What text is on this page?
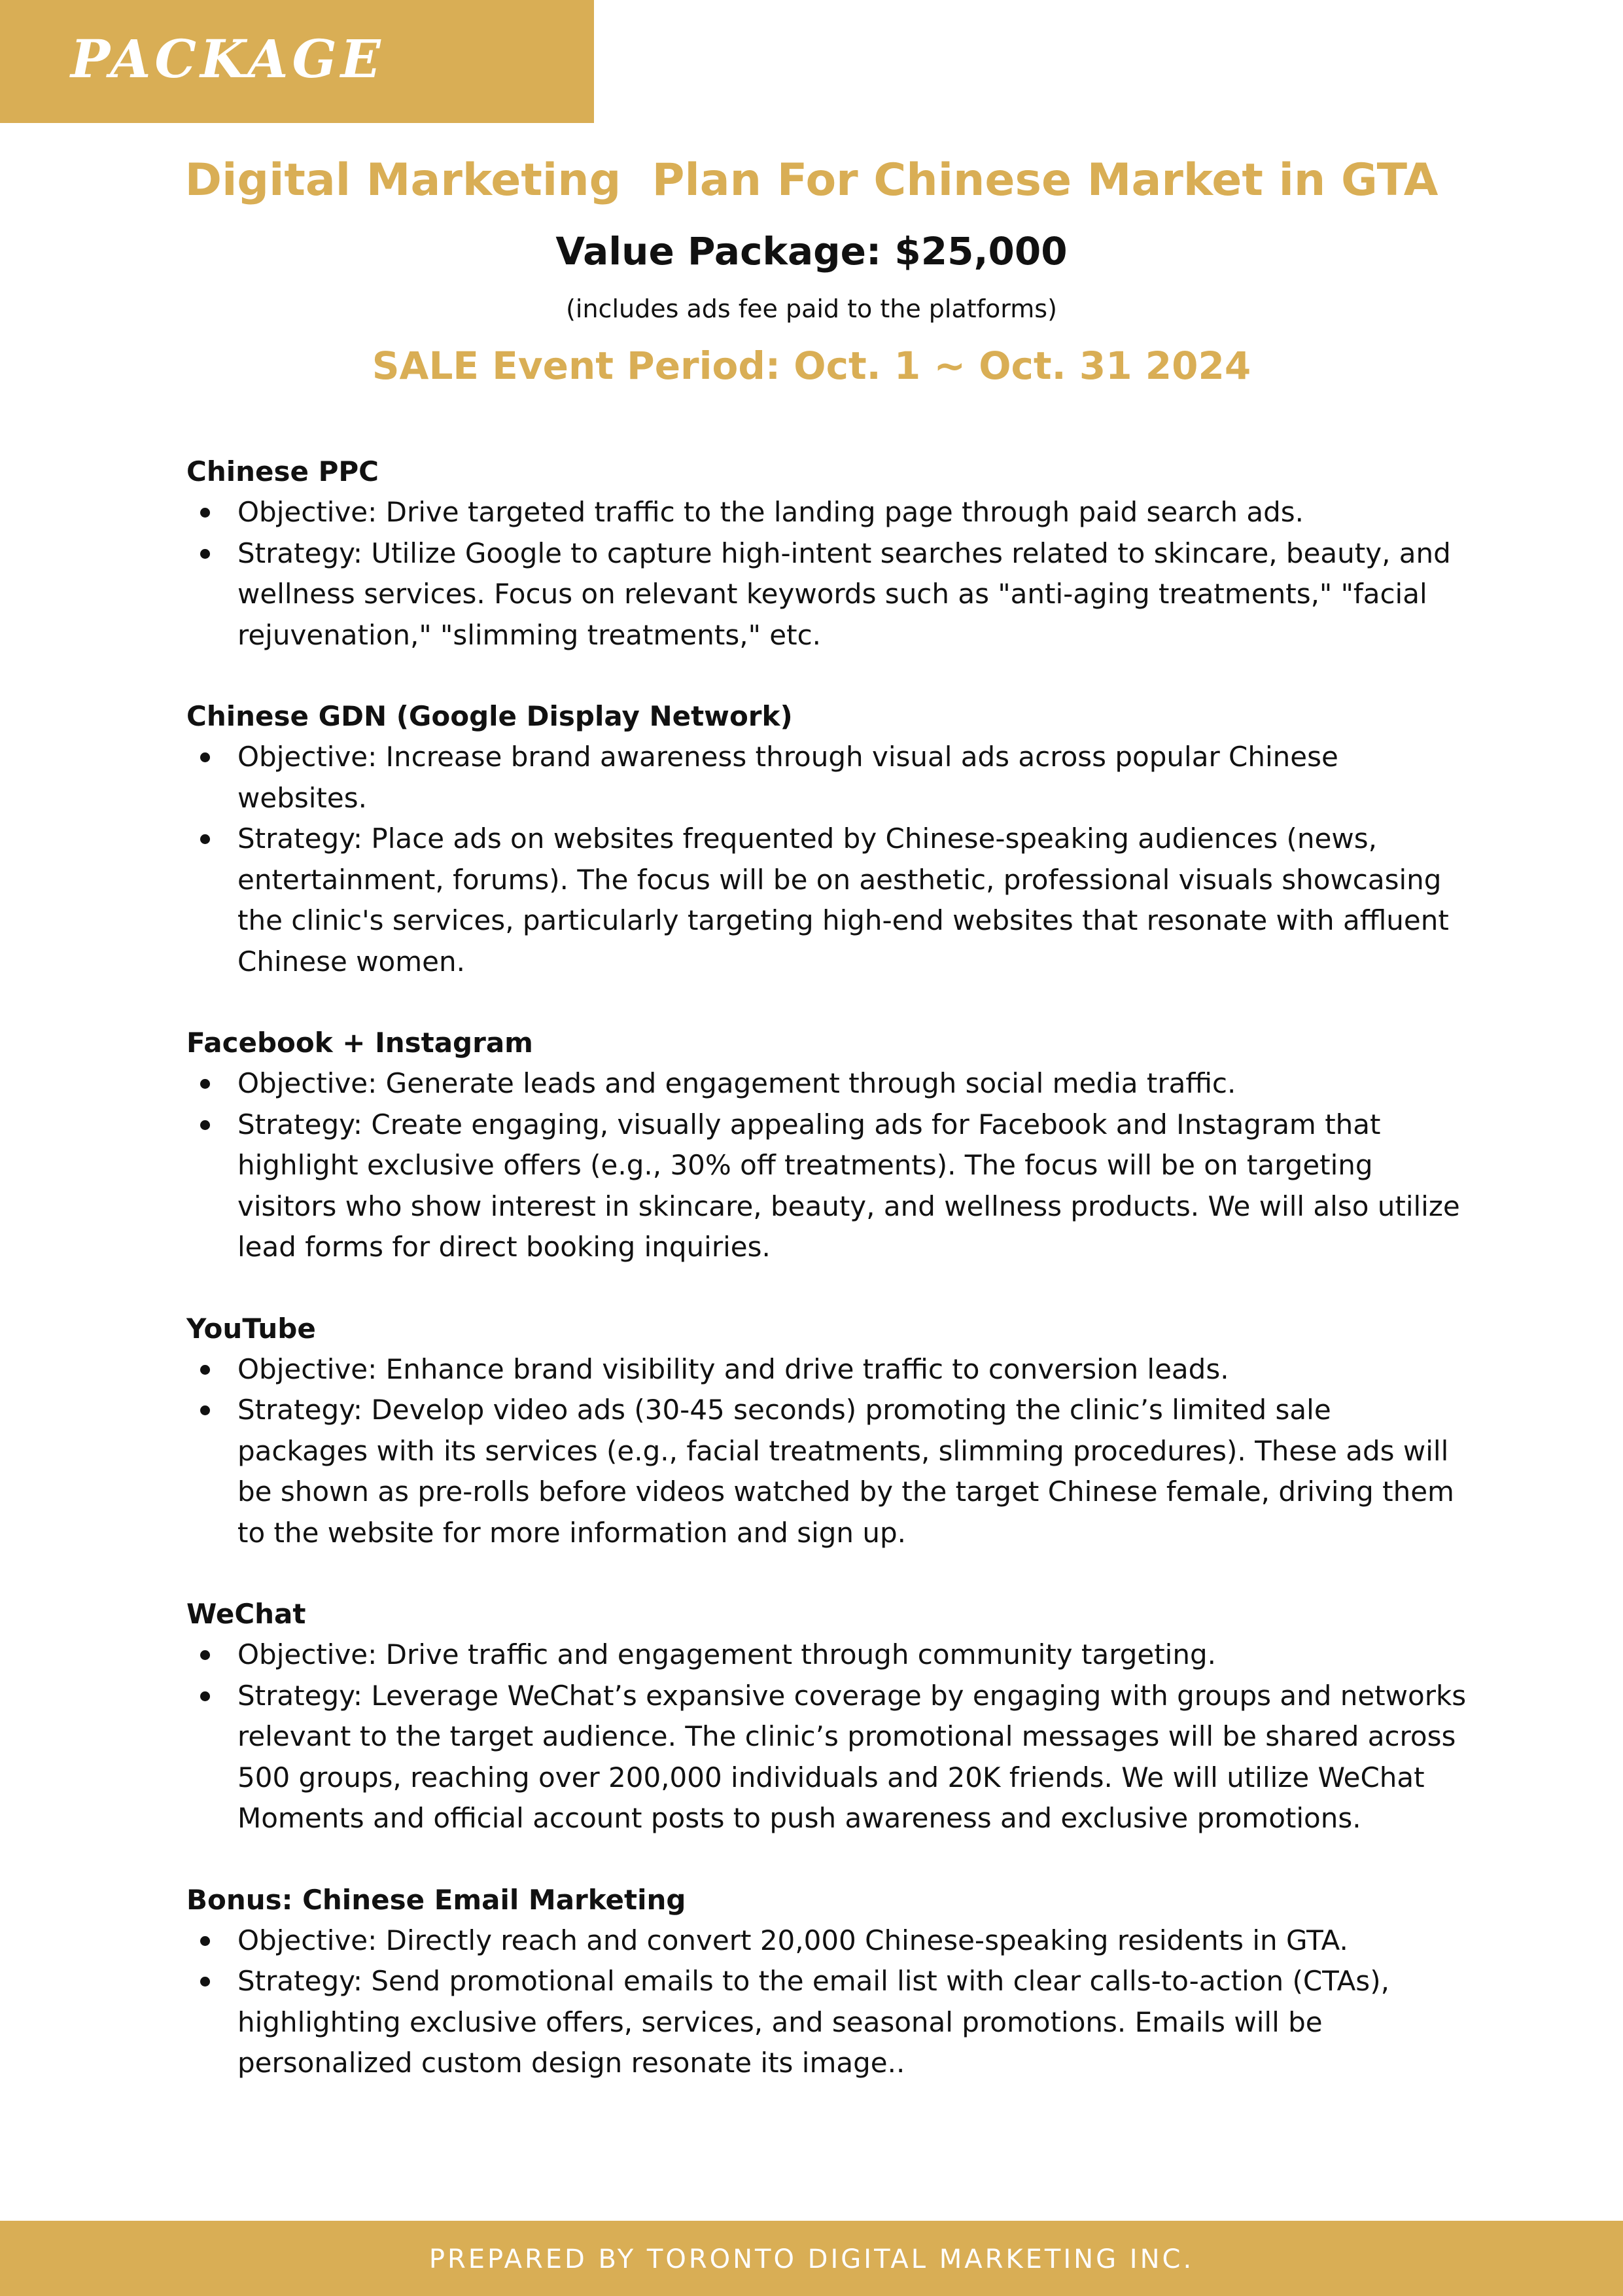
PACKAGE
Digital Marketing  Plan For Chinese Market in GTA
Value Package: $25,000
(includes ads fee paid to the platforms)
SALE Event Period: Oct. 1 ~ Oct. 31 2024
Chinese PPC
Objective: Drive targeted traffic to the landing page through paid search ads.
Strategy: Utilize Google to capture high-intent searches related to skincare, beauty, and wellness services. Focus on relevant keywords such as "anti-aging treatments," "facial rejuvenation," "slimming treatments," etc.
Chinese GDN (Google Display Network)
Objective: Increase brand awareness through visual ads across popular Chinese websites.
Strategy: Place ads on websites frequented by Chinese-speaking audiences (news, entertainment, forums). The focus will be on aesthetic, professional visuals showcasing the clinic's services, particularly targeting high-end websites that resonate with affluent Chinese women.
Facebook + Instagram
Objective: Generate leads and engagement through social media traffic.
Strategy: Create engaging, visually appealing ads for Facebook and Instagram that highlight exclusive offers (e.g., 30% off treatments). The focus will be on targeting visitors who show interest in skincare, beauty, and wellness products. We will also utilize lead forms for direct booking inquiries.
YouTube
Objective: Enhance brand visibility and drive traffic to conversion leads.
Strategy: Develop video ads (30-45 seconds) promoting the clinic’s limited sale packages with its services (e.g., facial treatments, slimming procedures). These ads will be shown as pre-rolls before videos watched by the target Chinese female, driving them to the website for more information and sign up.
WeChat
Objective: Drive traffic and engagement through community targeting.
Strategy: Leverage WeChat’s expansive coverage by engaging with groups and networks relevant to the target audience. The clinic’s promotional messages will be shared across 500 groups, reaching over 200,000 individuals and 20K friends. We will utilize WeChat Moments and official account posts to push awareness and exclusive promotions.
Bonus: Chinese Email Marketing
Objective: Directly reach and convert 20,000 Chinese-speaking residents in GTA.
Strategy: Send promotional emails to the email list with clear calls-to-action (CTAs), highlighting exclusive offers, services, and seasonal promotions. Emails will be personalized custom design resonate its image..
PREPARED BY TORONTO DIGITAL MARKETING INC.
